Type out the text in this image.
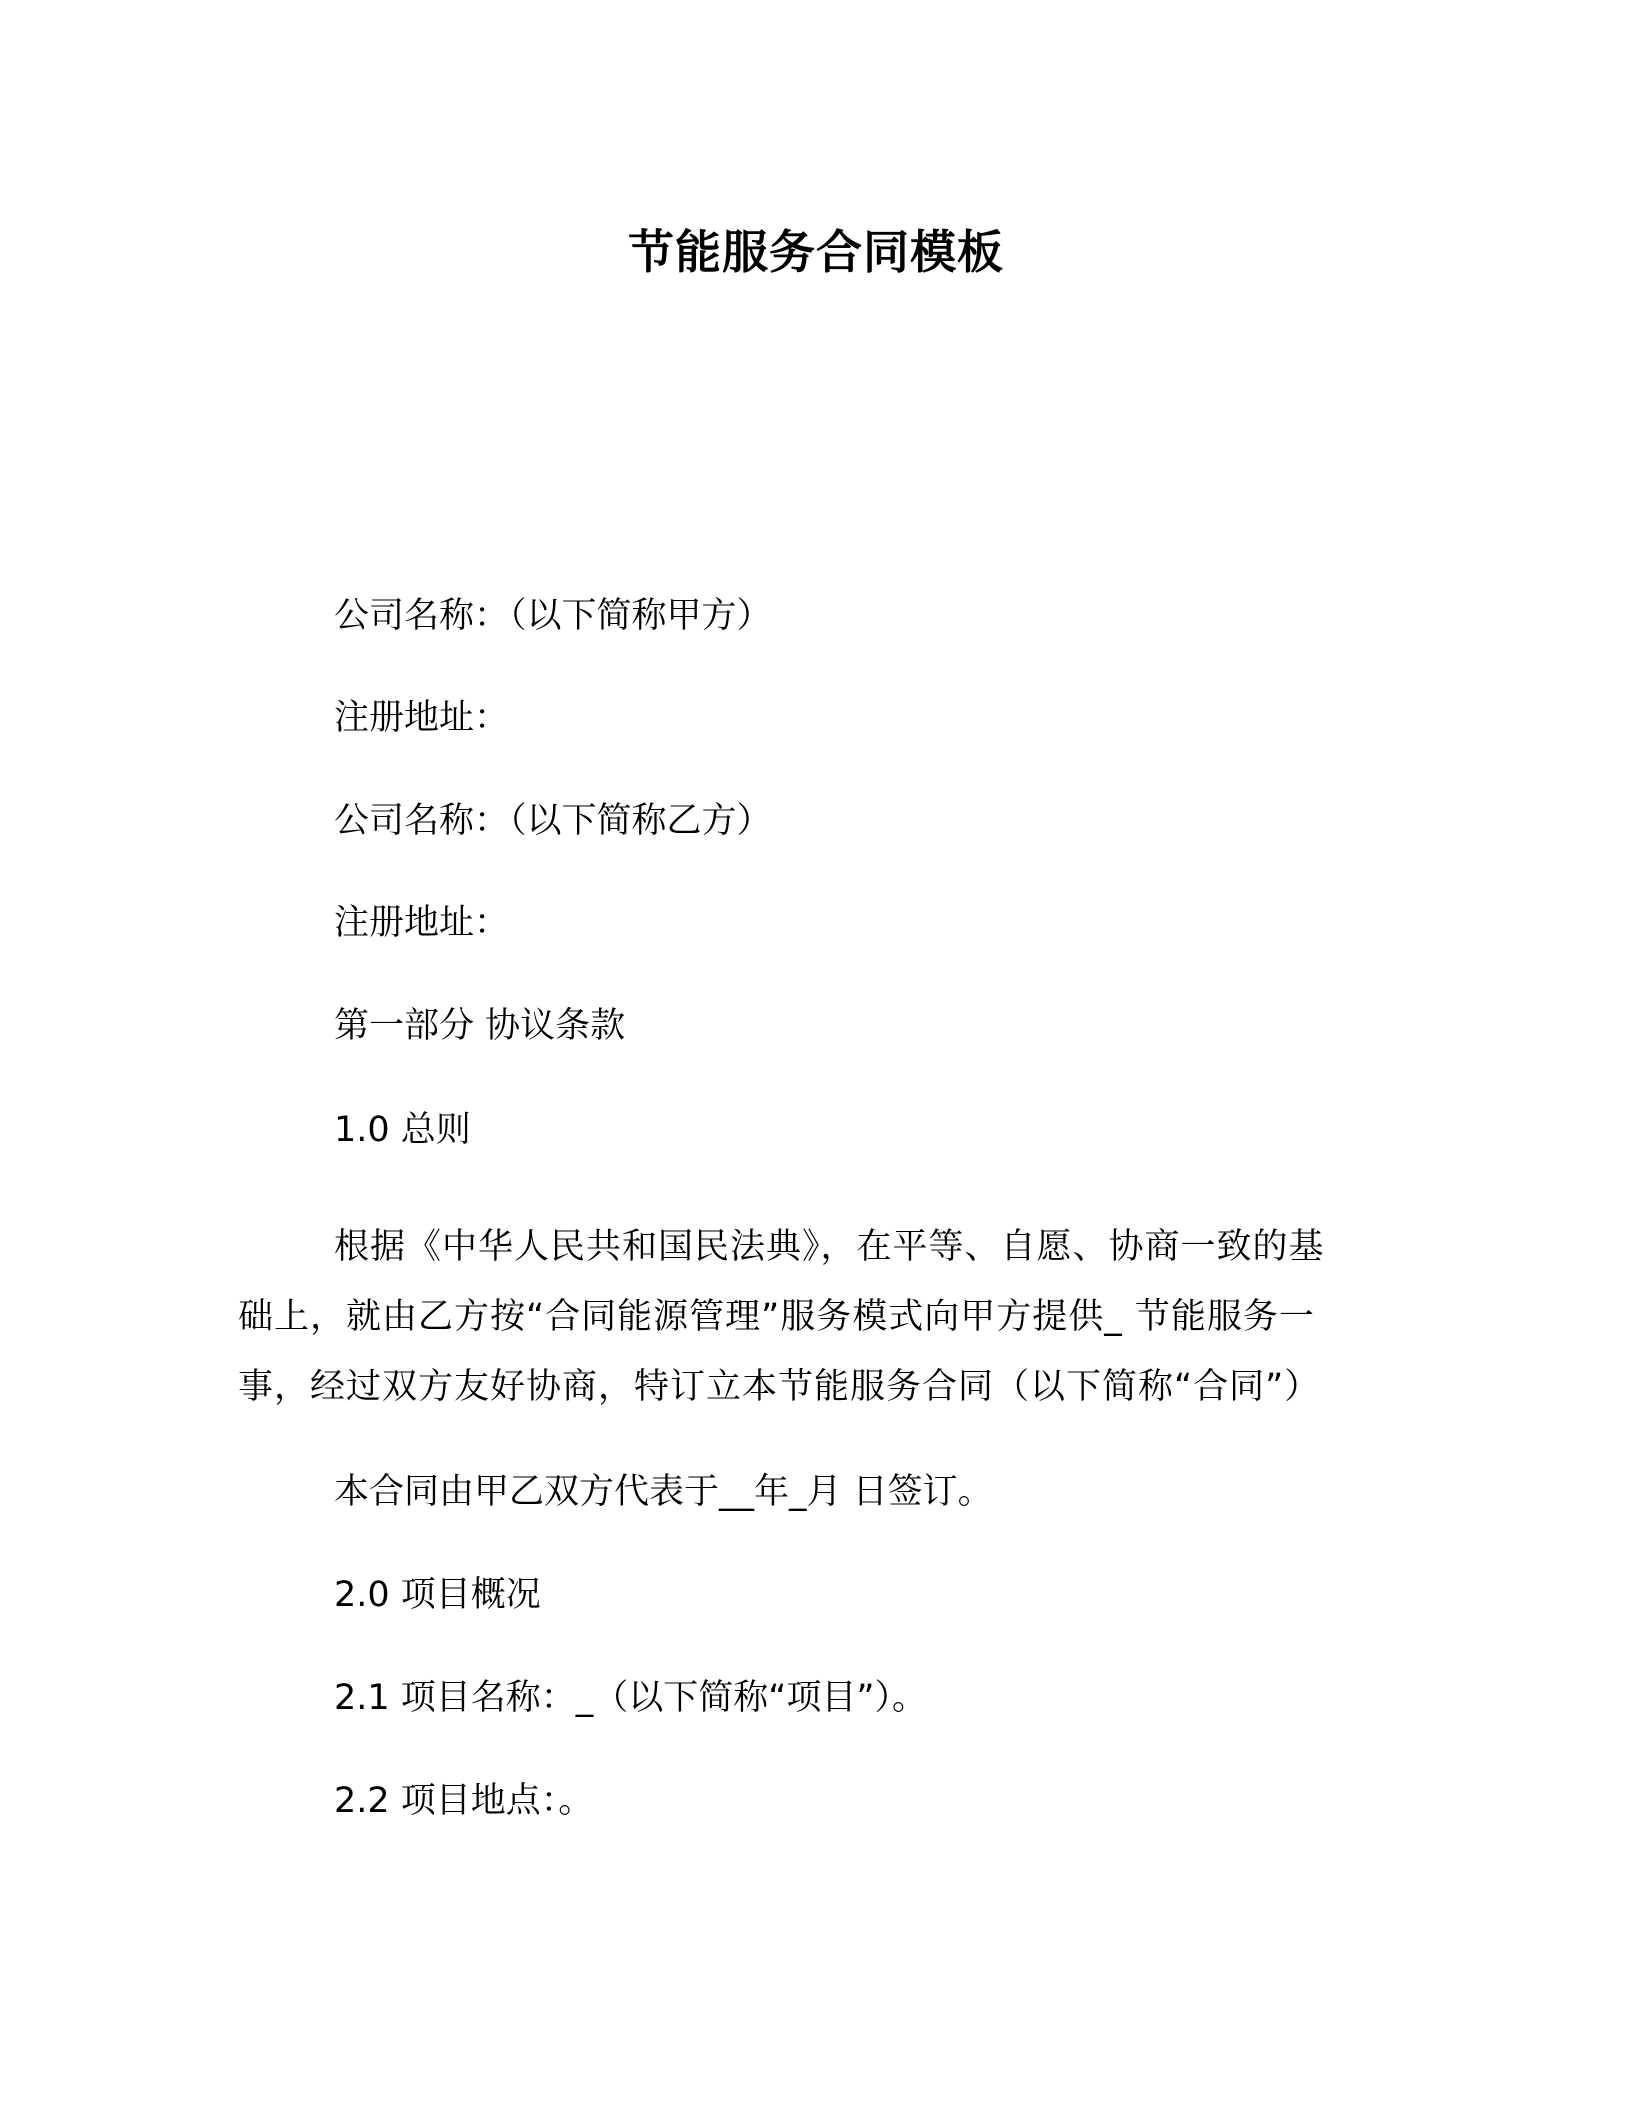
节能服务合同模板
公司名称：（以下简称甲方）
注册地址：
公司名称：（以下简称乙方）
注册地址：
第一部分 协议条款
1.0 总则
根据《中华人民共和国民法典》，在平等、自愿、协商一致的基
础上，就由乙方按“合同能源管理”服务模式向甲方提供_ 节能服务一
事，经过双方友好协商，特订立本节能服务合同（以下简称“合同”）
本合同由甲乙双方代表于__年_月 日签订。
2.0 项目概况
2.1 项目名称：_（以下简称“项目”）。
2.2 项目地点：。
